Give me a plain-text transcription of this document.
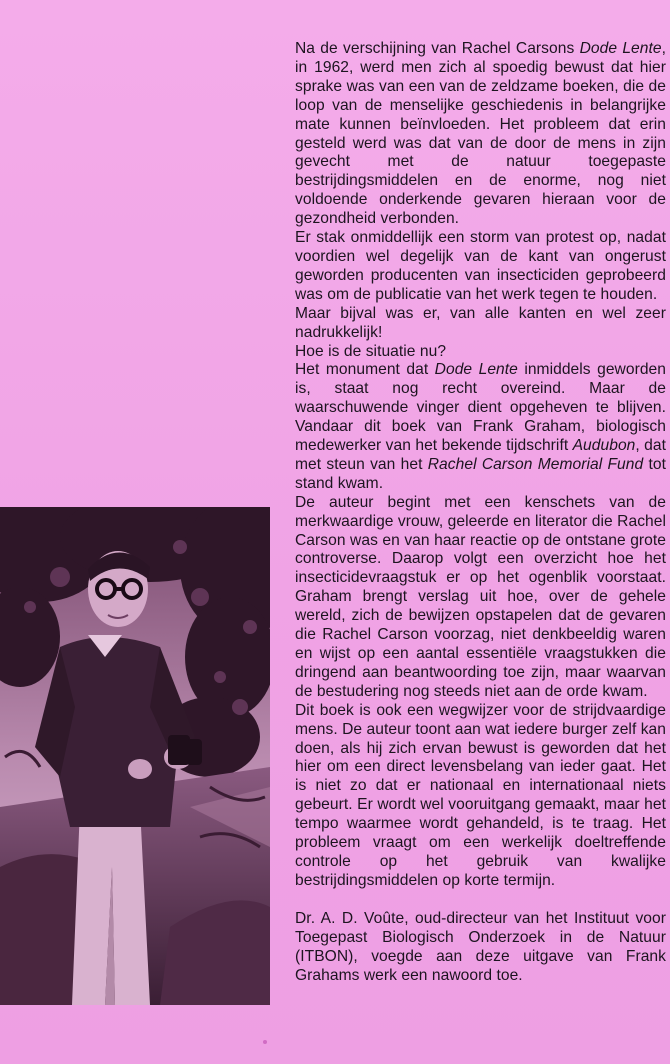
Na de verschijning van Rachel Carsons Dode Lente, in 1962, werd men zich al spoedig bewust dat hier sprake was van een van de zeldzame boeken, die de loop van de menselijke geschiedenis in belangrijke mate kunnen beïnvloeden. Het probleem dat erin gesteld werd was dat van de door de mens in zijn gevecht met de natuur toegepaste bestrijdingsmiddelen en de enorme, nog niet voldoende onderkende gevaren hieraan voor de gezondheid verbonden.

Er stak onmiddellijk een storm van protest op, nadat voordien wel degelijk van de kant van ongerust geworden producenten van insecticiden geprobeerd was om de publicatie van het werk tegen te houden.

Maar bijval was er, van alle kanten en wel zeer nadrukkelijk!

Hoe is de situatie nu?

Het monument dat Dode Lente inmiddels geworden is, staat nog recht overeind. Maar de waarschuwende vinger dient opgeheven te blijven. Vandaar dit boek van Frank Graham, biologisch medewerker van het bekende tijdschrift Audubon, dat met steun van het Rachel Carson Memorial Fund tot stand kwam.

De auteur begint met een kenschets van de merkwaardige vrouw, geleerde en literator die Rachel Carson was en van haar reactie op de ontstane grote controverse. Daarop volgt een overzicht hoe het insecticidevraagstuk er op het ogenblik voorstaat. Graham brengt verslag uit hoe, over de gehele wereld, zich de bewijzen opstapelen dat de gevaren die Rachel Carson voorzag, niet denkbeeldig waren en wijst op een aantal essentiële vraagstukken die dringend aan beantwoording toe zijn, maar waarvan de bestudering nog steeds niet aan de orde kwam.

Dit boek is ook een wegwijzer voor de strijdvaardige mens. De auteur toont aan wat iedere burger zelf kan doen, als hij zich ervan bewust is geworden dat het hier om een direct levensbelang van ieder gaat. Het is niet zo dat er nationaal en internationaal niets gebeurt. Er wordt wel vooruitgang gemaakt, maar het tempo waarmee wordt gehandeld, is te traag. Het probleem vraagt om een werkelijk doeltreffende controle op het gebruik van kwalijke bestrijdingsmiddelen op korte termijn.

Dr. A. D. Voûte, oud-directeur van het Instituut voor Toegepast Biologisch Onderzoek in de Natuur (ITBON), voegde aan deze uitgave van Frank Grahams werk een nawoord toe.
